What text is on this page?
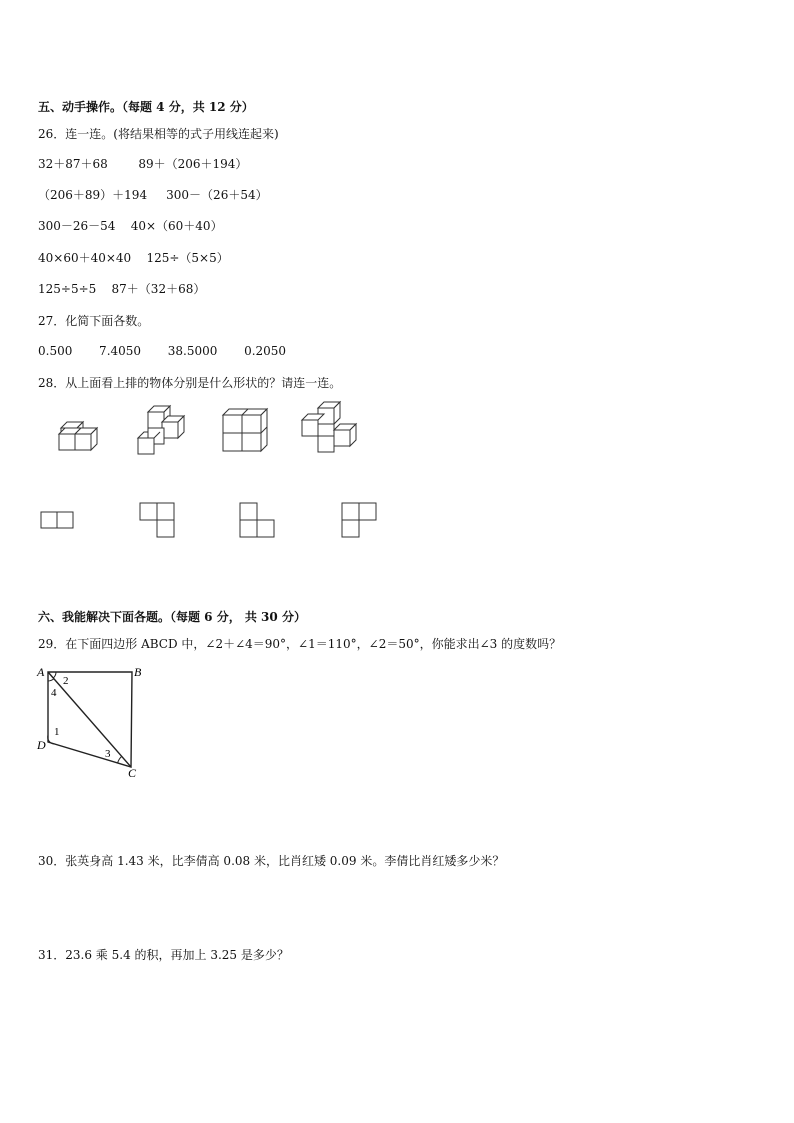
五、动手操作。（每题 4 分，共 12 分）
26．连一连。(将结果相等的式子用线连起来)
32＋87＋68        89＋（206＋194）
（206＋89）＋194     300－（26＋54）
300－26－54    40×（60＋40）
40×60＋40×40    125÷（5×5）
125÷5÷5    87＋（32＋68）
27．化简下面各数。
0.500       7.4050       38.5000       0.2050
28．从上面看上排的物体分别是什么形状的？请连一连。
六、我能解决下面各题。（每题 6 分， 共 30 分）
29．在下面四边形 ABCD 中，∠2＋∠4＝90°，∠1＝110°，∠2＝50°，你能求出∠3 的度数吗？
A	B
C
D
2
4
1
3
30．张英身高 1.43 米，比李倩高 0.08 米，比肖红矮 0.09 米。李倩比肖红矮多少米？
31．23.6 乘 5.4 的积，再加上 3.25 是多少？
